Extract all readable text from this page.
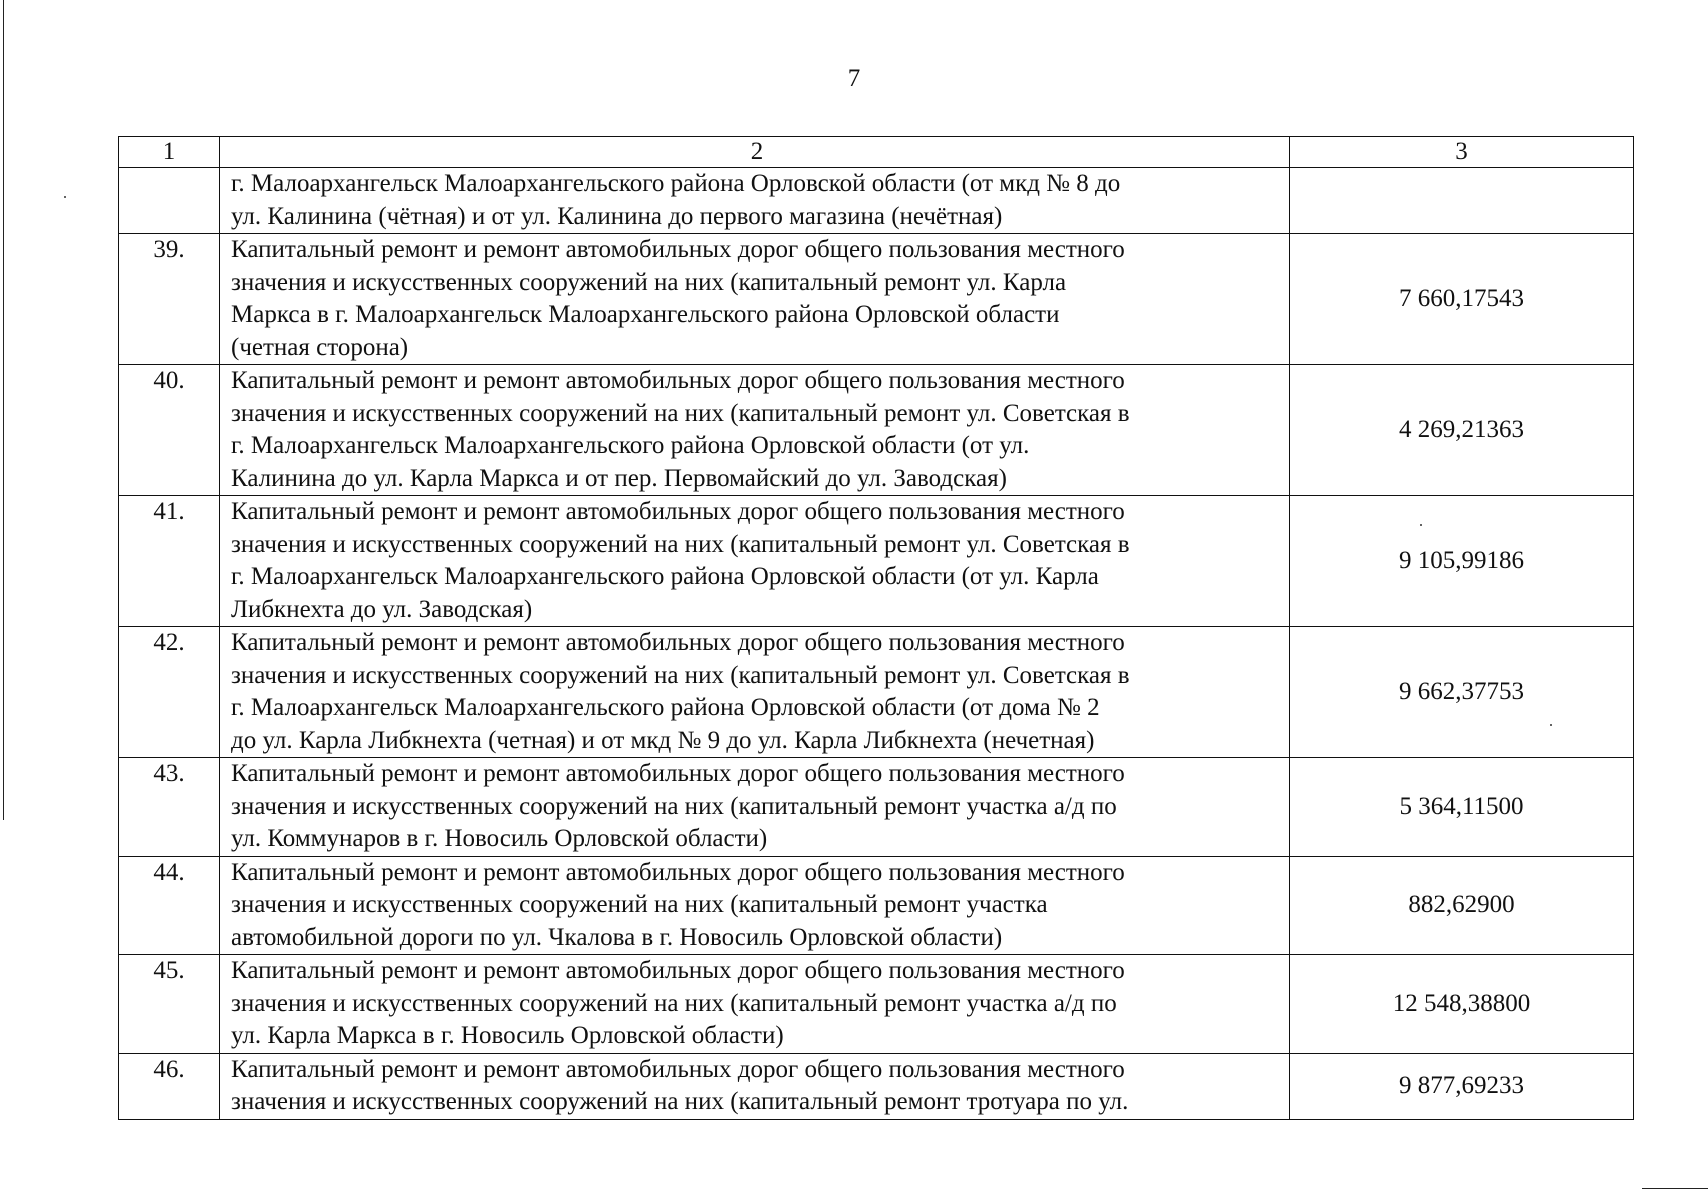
7
1	2	3

	г. Малоархангельск Малоархангельского района Орловской области (от мкд № 8 до
ул. Калинина (чётная) и от ул. Калинина до первого магазина (нечётная)	

39.	Капитальный ремонт и ремонт автомобильных дорог общего пользования местного
значения и искусственных сооружений на них (капитальный ремонт ул. Карла
Маркса в г. Малоархангельск Малоархангельского района Орловской области
(четная сторона)	7 660,17543
40.	Капитальный ремонт и ремонт автомобильных дорог общего пользования местного
значения и искусственных сооружений на них (капитальный ремонт ул. Советская в
г. Малоархангельск Малоархангельского района Орловской области (от ул.
Калинина до ул. Карла Маркса и от пер. Первомайский до ул. Заводская)	4 269,21363
41.	Капитальный ремонт и ремонт автомобильных дорог общего пользования местного
значения и искусственных сооружений на них (капитальный ремонт ул. Советская в
г. Малоархангельск Малоархангельского района Орловской области (от ул. Карла
Либкнехта до ул. Заводская)	9 105,99186
42.	Капитальный ремонт и ремонт автомобильных дорог общего пользования местного
значения и искусственных сооружений на них (капитальный ремонт ул. Советская в
г. Малоархангельск Малоархангельского района Орловской области (от дома № 2
до ул. Карла Либкнехта (четная) и от мкд № 9 до ул. Карла Либкнехта (нечетная)	9 662,37753
43.	Капитальный ремонт и ремонт автомобильных дорог общего пользования местного
значения и искусственных сооружений на них (капитальный ремонт участка а/д по
ул. Коммунаров в г. Новосиль Орловской области)	5 364,11500
44.	Капитальный ремонт и ремонт автомобильных дорог общего пользования местного
значения и искусственных сооружений на них (капитальный ремонт участка
автомобильной дороги по ул. Чкалова в г. Новосиль Орловской области)	882,62900
45.	Капитальный ремонт и ремонт автомобильных дорог общего пользования местного
значения и искусственных сооружений на них (капитальный ремонт участка а/д по
ул. Карла Маркса в г. Новосиль Орловской области)	12 548,38800
46.	Капитальный ремонт и ремонт автомобильных дорог общего пользования местного
значения и искусственных сооружений на них (капитальный ремонт тротуара по ул.	9 877,69233
